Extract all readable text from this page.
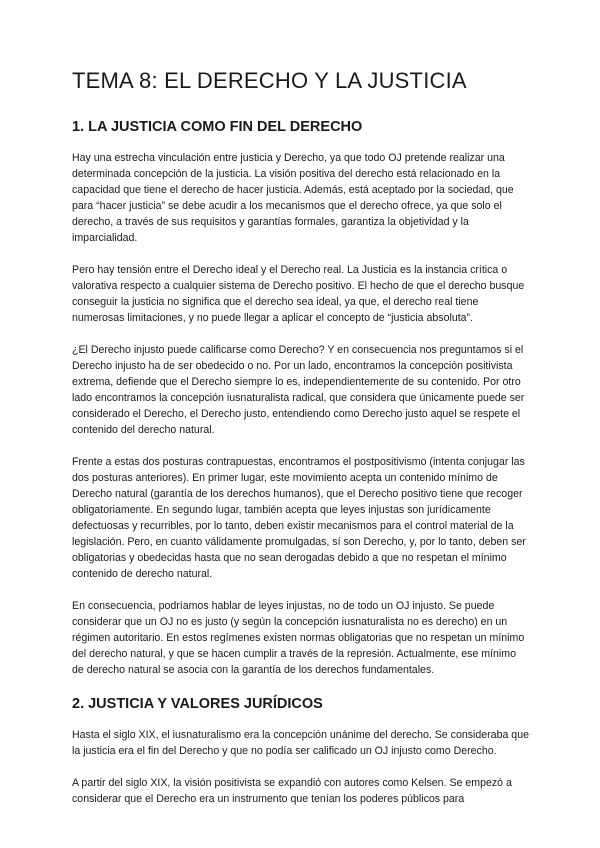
TEMA 8: EL DERECHO Y LA JUSTICIA
1. LA JUSTICIA COMO FIN DEL DERECHO

Hay una estrecha vinculación entre justicia y Derecho, ya que todo OJ pretende realizar una determinada concepción de la justicia. La visión positiva del derecho está relacionado en la capacidad que tiene el derecho de hacer justicia. Además, está aceptado por la sociedad, que para “hacer justicia” se debe acudir a los mecanismos que el derecho ofrece, ya que solo el derecho, a través de sus requisitos y garantías formales, garantiza la objetividad y la imparcialidad.

Pero hay tensión entre el Derecho ideal y el Derecho real. La Justicia es la instancia crítica o valorativa respecto a cualquier sistema de Derecho positivo. El hecho de que el derecho busque conseguir la justicia no significa que el derecho sea ideal, ya que, el derecho real tiene numerosas limitaciones, y no puede llegar a aplicar el concepto de “justicia absoluta”.

¿El Derecho injusto puede calificarse como Derecho? Y en consecuencia nos preguntamos si el Derecho injusto ha de ser obedecido o no. Por un lado, encontramos la concepción positivista extrema, defiende que el Derecho siempre lo es, independientemente de su contenido. Por otro lado encontramos la concepción iusnaturalista radical, que considera que únicamente puede ser considerado el Derecho, el Derecho justo, entendiendo como Derecho justo aquel se respete el contenido del derecho natural.

Frente a estas dos posturas contrapuestas, encontramos el postpositivismo (intenta conjugar las dos posturas anteriores). En primer lugar, este movimiento acepta un contenido mínimo de Derecho natural (garantía de los derechos humanos), que el Derecho positivo tiene que recoger obligatoriamente. En segundo lugar, también acepta que leyes injustas son jurídicamente defectuosas y recurribles, por lo tanto, deben existir mecanismos para el control material de la legislación. Pero, en cuanto válidamente promulgadas, sí son Derecho, y, por lo tanto, deben ser obligatorias y obedecidas hasta que no sean derogadas debido a que no respetan el mínimo contenido de derecho natural.

En consecuencia, podríamos hablar de leyes injustas, no de todo un OJ injusto. Se puede considerar que un OJ no es justo (y según la concepción iusnaturalista no es derecho) en un régimen autoritario. En estos regímenes existen normas obligatorias que no respetan un mínimo del derecho natural, y que se hacen cumplir a través de la represión. Actualmente, ese mínimo de derecho natural se asocia con la garantía de los derechos fundamentales.

2. JUSTICIA Y VALORES JURÍDICOS

Hasta el siglo XIX, el iusnaturalismo era la concepción unánime del derecho. Se consideraba que la justicia era el fin del Derecho y que no podía ser calificado un OJ injusto como Derecho.

A partir del siglo XIX, la visión positivista se expandió con autores como Kelsen. Se empezó a considerar que el Derecho era un instrumento que tenían los poderes públicos para
